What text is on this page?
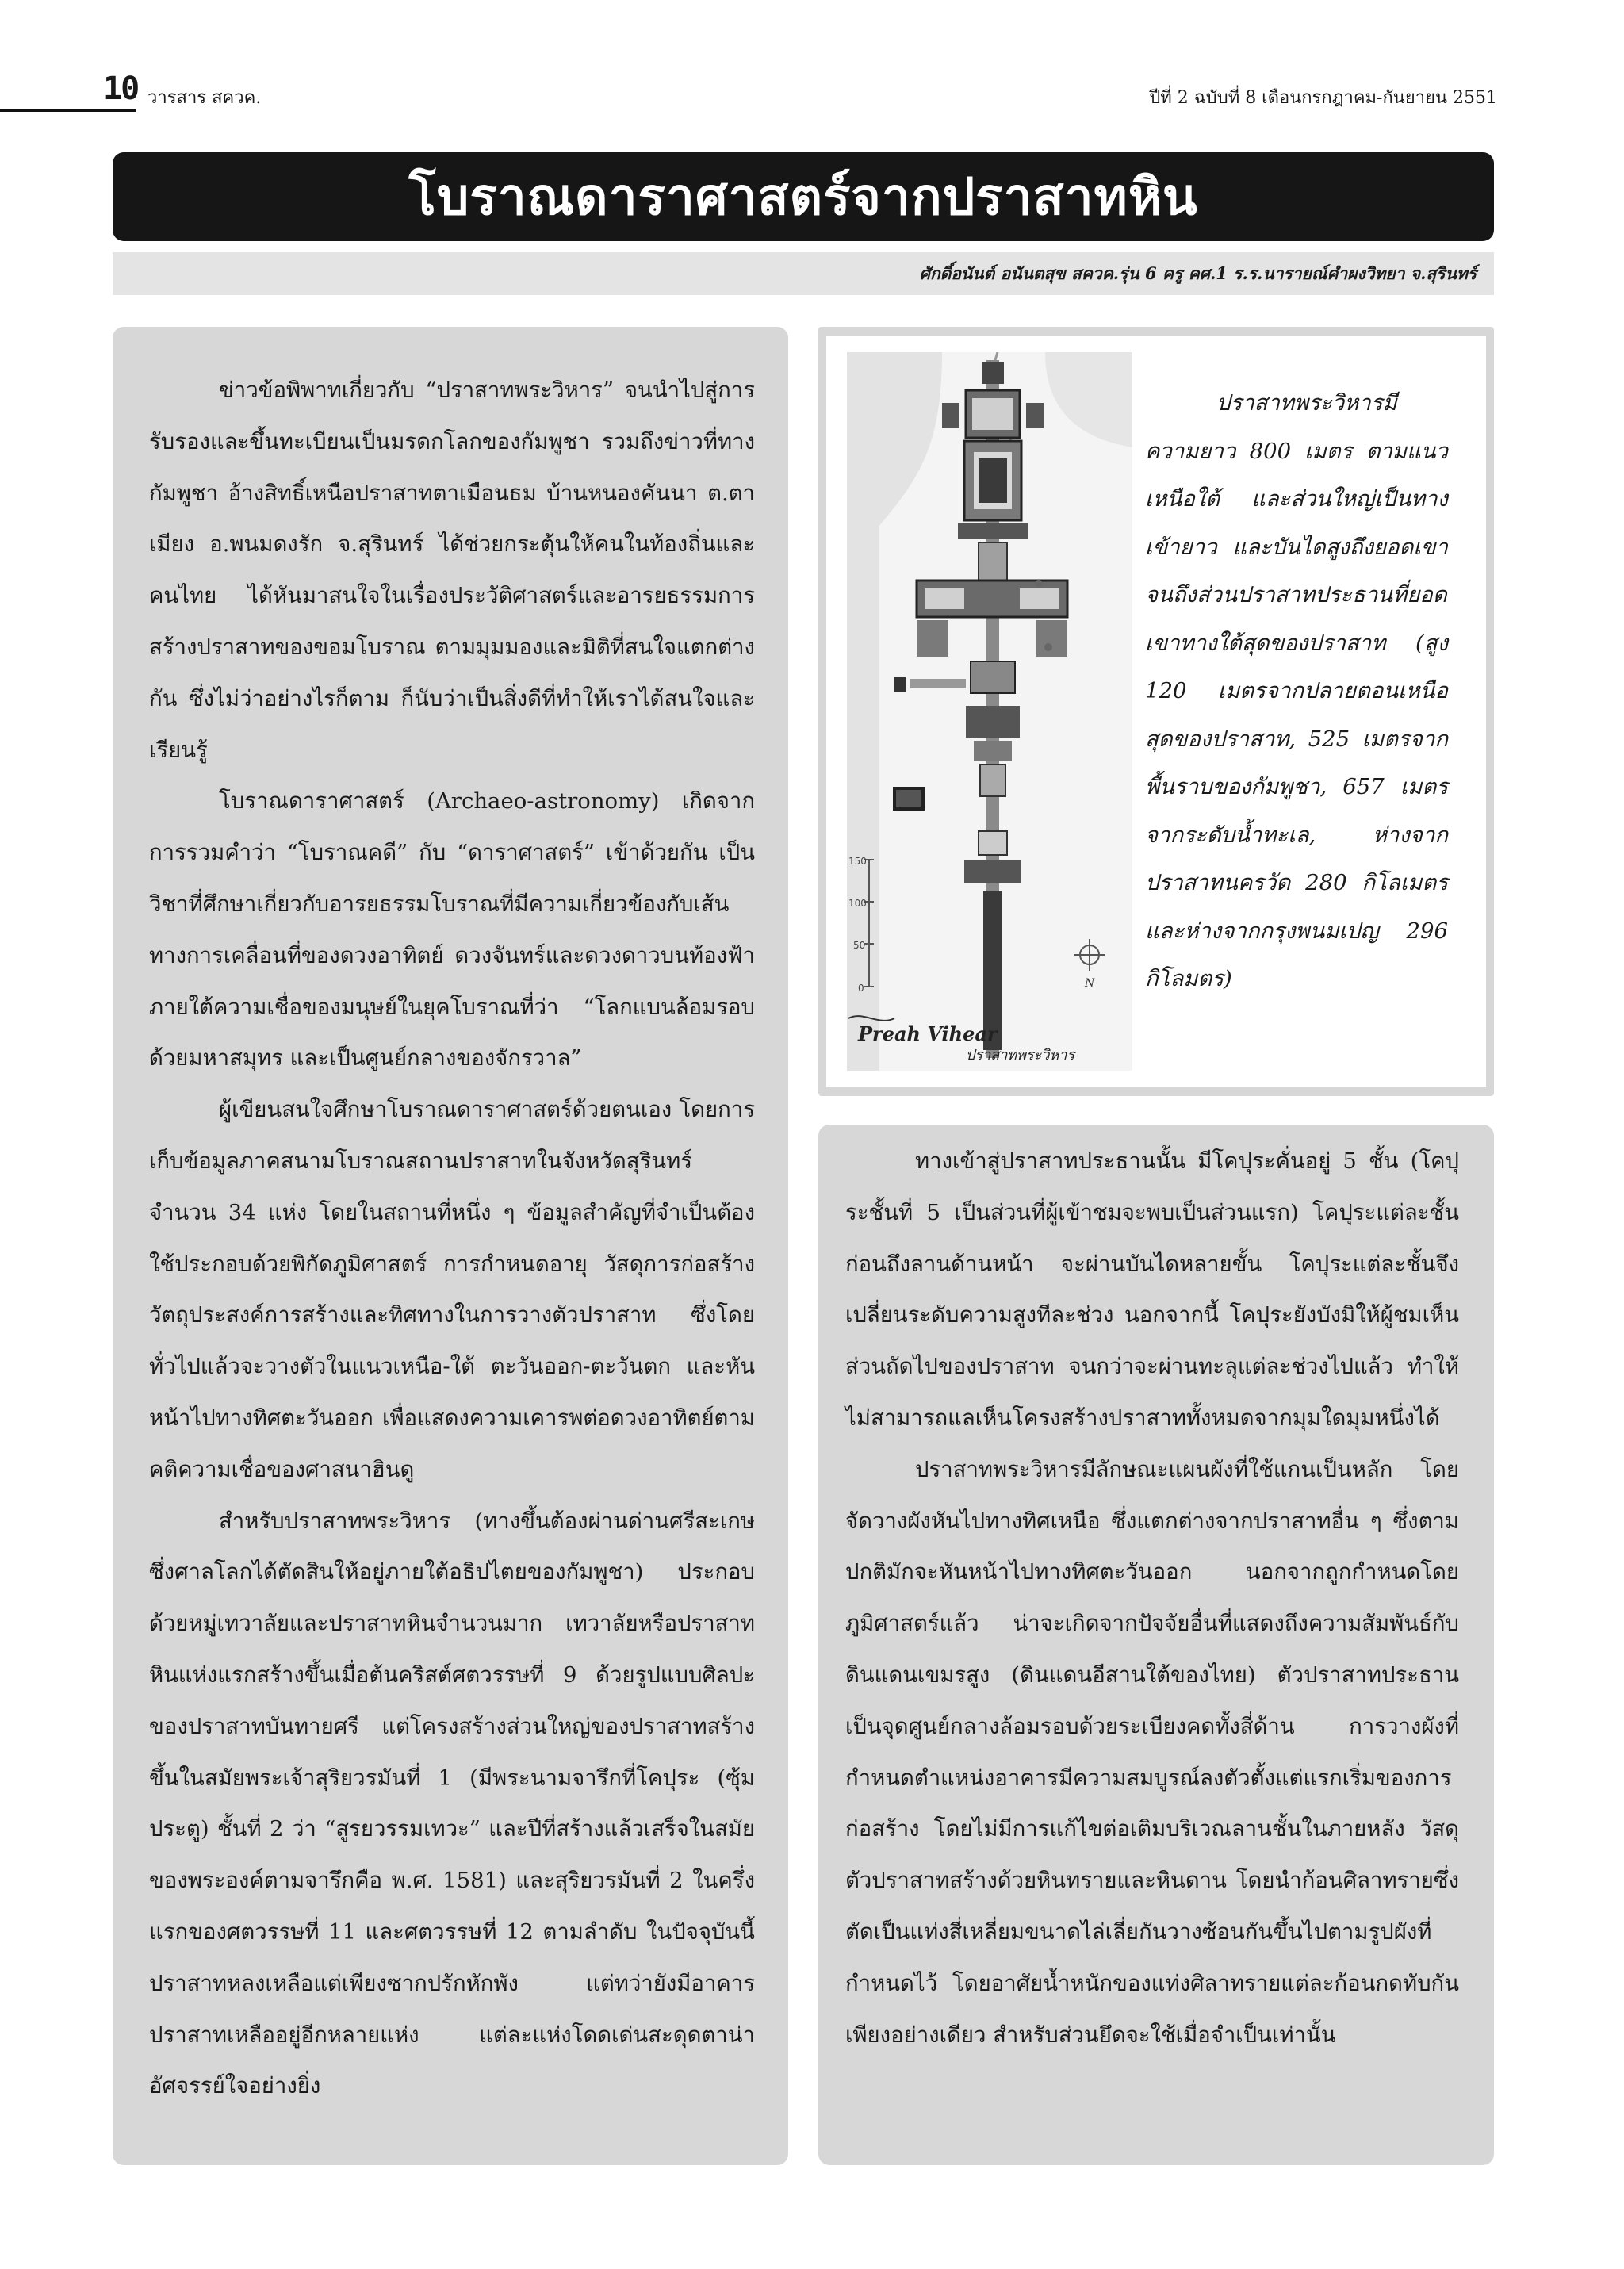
10 วารสาร สควค.	ปีที่ 2 ฉบับที่ 8 เดือนกรกฎาคม-กันยายน 2551
โบราณดาราศาสตร์จากปราสาทหิน
ศักดิ์อนันต์ อนันตสุข สควค.รุ่น 6 ครู คศ.1 ร.ร.นารายณ์คำผงวิทยา จ.สุรินทร์

ข่าวข้อพิพาทเกี่ยวกับ “ปราสาทพระวิหาร” จนนำไปสู่การรับรองและขึ้นทะเบียนเป็นมรดกโลกของกัมพูชา รวมถึงข่าวที่ทางกัมพูชา อ้างสิทธิ์เหนือปราสาทตาเมือนธม บ้านหนองคันนา ต.ตาเมียง อ.พนมดงรัก จ.สุรินทร์ ได้ช่วยกระตุ้นให้คนในท้องถิ่นและคนไทย ได้หันมาสนใจในเรื่องประวัติศาสตร์และอารยธรรมการสร้างปราสาทของขอมโบราณ ตามมุมมองและมิติที่สนใจแตกต่างกัน ซึ่งไม่ว่าอย่างไรก็ตาม ก็นับว่าเป็นสิ่งดีที่ทำให้เราได้สนใจและเรียนรู้

โบราณดาราศาสตร์ (Archaeo-astronomy) เกิดจากการรวมคำว่า “โบราณคดี” กับ “ดาราศาสตร์” เข้าด้วยกัน เป็นวิชาที่ศึกษาเกี่ยวกับอารยธรรมโบราณที่มีความเกี่ยวข้องกับเส้นทางการเคลื่อนที่ของดวงอาทิตย์ ดวงจันทร์และดวงดาวบนท้องฟ้า ภายใต้ความเชื่อของมนุษย์ในยุคโบราณที่ว่า “โลกแบนล้อมรอบด้วยมหาสมุทร และเป็นศูนย์กลางของจักรวาล”

ผู้เขียนสนใจศึกษาโบราณดาราศาสตร์ด้วยตนเอง โดยการเก็บข้อมูลภาคสนามโบราณสถานปราสาทในจังหวัดสุรินทร์ จำนวน 34 แห่ง โดยในสถานที่หนึ่ง ๆ ข้อมูลสำคัญที่จำเป็นต้องใช้ประกอบด้วยพิกัดภูมิศาสตร์ การกำหนดอายุ วัสดุการก่อสร้าง วัตถุประสงค์การสร้างและทิศทางในการวางตัวปราสาท ซึ่งโดยทั่วไปแล้วจะวางตัวในแนวเหนือ-ใต้ ตะวันออก-ตะวันตก และหันหน้าไปทางทิศตะวันออก เพื่อแสดงความเคารพต่อดวงอาทิตย์ตามคติความเชื่อของศาสนาฮินดู

สำหรับปราสาทพระวิหาร (ทางขึ้นต้องผ่านด่านศรีสะเกษ ซึ่งศาลโลกได้ตัดสินให้อยู่ภายใต้อธิปไตยของกัมพูชา) ประกอบด้วยหมู่เทวาลัยและปราสาทหินจำนวนมาก เทวาลัยหรือปราสาทหินแห่งแรกสร้างขึ้นเมื่อต้นคริสต์ศตวรรษที่ 9 ด้วยรูปแบบศิลปะของปราสาทบันทายศรี แต่โครงสร้างส่วนใหญ่ของปราสาทสร้างขึ้นในสมัยพระเจ้าสุริยวรมันที่ 1 (มีพระนามจารึกที่โคปุระ (ซุ้มประตู) ชั้นที่ 2 ว่า “สูรยวรรมเทวะ” และปีที่สร้างแล้วเสร็จในสมัยของพระองค์ตามจารึกคือ พ.ศ. 1581) และสุริยวรมันที่ 2 ในครึ่งแรกของศตวรรษที่ 11 และศตวรรษที่ 12 ตามลำดับ ในปัจจุบันนี้ปราสาทหลงเหลือแต่เพียงซากปรักหักพัง แต่ทว่ายังมีอาคารปราสาทเหลืออยู่อีกหลายแห่ง แต่ละแห่งโดดเด่นสะดุดตาน่าอัศจรรย์ใจอย่างยิ่ง

150
100
50
0	N
Preah Vihear
ปราสาทพระวิหาร

ปราสาทพระวิหารมีความยาว 800 เมตร ตามแนวเหนือใต้ และส่วนใหญ่เป็นทางเข้ายาว และบันไดสูงถึงยอดเขาจนถึงส่วนปราสาทประธานที่ยอดเขาทางใต้สุดของปราสาท (สูง 120 เมตรจากปลายตอนเหนือสุดของปราสาท, 525 เมตรจากพื้นราบของกัมพูชา, 657 เมตรจากระดับน้ำทะเล, ห่างจากปราสาทนครวัด 280 กิโลเมตร และห่างจากกรุงพนมเปญ 296 กิโลมตร)

ทางเข้าสู่ปราสาทประธานนั้น มีโคปุระคั่นอยู่ 5 ชั้น (โคปุระชั้นที่ 5 เป็นส่วนที่ผู้เข้าชมจะพบเป็นส่วนแรก) โคปุระแต่ละชั้นก่อนถึงลานด้านหน้า จะผ่านบันไดหลายขั้น โคปุระแต่ละชั้นจึงเปลี่ยนระดับความสูงทีละช่วง นอกจากนี้ โคปุระยังบังมิให้ผู้ชมเห็นส่วนถัดไปของปราสาท จนกว่าจะผ่านทะลุแต่ละช่วงไปแล้ว ทำให้ไม่สามารถแลเห็นโครงสร้างปราสาททั้งหมดจากมุมใดมุมหนึ่งได้

ปราสาทพระวิหารมีลักษณะแผนผังที่ใช้แกนเป็นหลัก โดยจัดวางผังหันไปทางทิศเหนือ ซึ่งแตกต่างจากปราสาทอื่น ๆ ซึ่งตามปกติมักจะหันหน้าไปทางทิศตะวันออก นอกจากถูกกำหนดโดยภูมิศาสตร์แล้ว น่าจะเกิดจากปัจจัยอื่นที่แสดงถึงความสัมพันธ์กับดินแดนเขมรสูง (ดินแดนอีสานใต้ของไทย) ตัวปราสาทประธานเป็นจุดศูนย์กลางล้อมรอบด้วยระเบียงคดทั้งสี่ด้าน การวางผังที่กำหนดตำแหน่งอาคารมีความสมบูรณ์ลงตัวตั้งแต่แรกเริ่มของการก่อสร้าง โดยไม่มีการแก้ไขต่อเติมบริเวณลานชั้นในภายหลัง วัสดุตัวปราสาทสร้างด้วยหินทรายและหินดาน โดยนำก้อนศิลาทรายซึ่งตัดเป็นแท่งสี่เหลี่ยมขนาดไล่เลี่ยกันวางซ้อนกันขึ้นไปตามรูปผังที่กำหนดไว้ โดยอาศัยน้ำหนักของแท่งศิลาทรายแต่ละก้อนกดทับกันเพียงอย่างเดียว สำหรับส่วนยึดจะใช้เมื่อจำเป็นเท่านั้น
